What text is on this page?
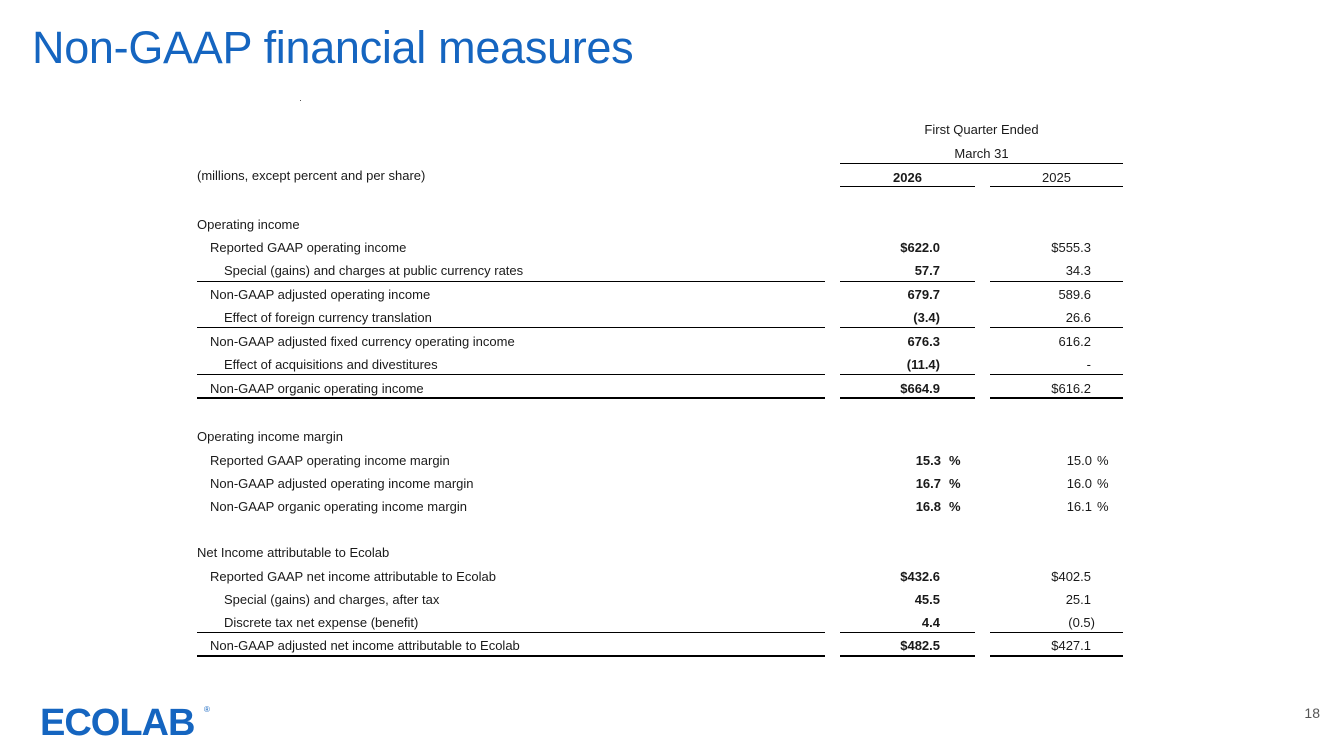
Non-GAAP financial measures
First Quarter Ended
March 31
(millions, except percent and per share)	2026	2025
Operating income
Reported GAAP operating income	$622.0	$555.3
Special (gains) and charges at public currency rates	57.7	34.3
Non-GAAP adjusted operating income	679.7	589.6
Effect of foreign currency translation	(3.4)	26.6
Non-GAAP adjusted fixed currency operating income	676.3	616.2
Effect of acquisitions and divestitures	(11.4)	-
Non-GAAP organic operating income	$664.9	$616.2
Operating income margin
Reported GAAP operating income margin	15.3 %	15.0 %
Non-GAAP adjusted operating income margin	16.7 %	16.0 %
Non-GAAP organic operating income margin	16.8 %	16.1 %
Net Income attributable to Ecolab
Reported GAAP net income attributable to Ecolab	$432.6	$402.5
Special (gains) and charges, after tax	45.5	25.1
Discrete tax net expense (benefit)	4.4	(0.5)
Non-GAAP adjusted net income attributable to Ecolab	$482.5	$427.1
ECOLAB ®	18
